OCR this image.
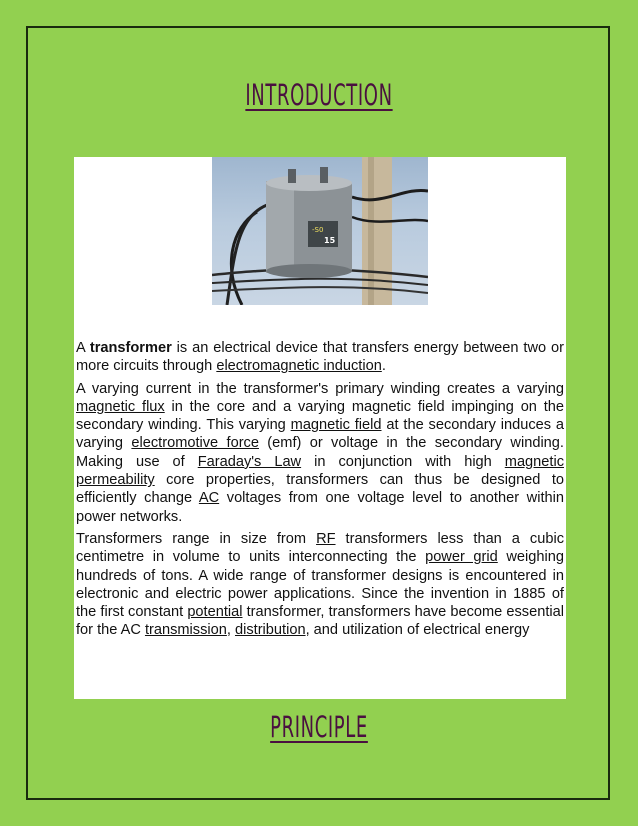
INTRODUCTION
-S0
15

A transformer is an electrical device that transfers energy between two or more circuits through electromagnetic induction.

A varying current in the transformer's primary winding creates a varying magnetic flux in the core and a varying magnetic field impinging on the secondary winding. This varying magnetic field at the secondary induces a varying electromotive force (emf) or voltage in the secondary winding. Making use of Faraday's Law in conjunction with high magnetic permeability core properties, transformers can thus be designed to efficiently change AC voltages from one voltage level to another within power networks.

Transformers range in size from RF transformers less than a cubic centimetre in volume to units interconnecting the power grid weighing hundreds of tons. A wide range of transformer designs is encountered in electronic and electric power applications. Since the invention in 1885 of the first constant potential transformer, transformers have become essential for the AC transmission, distribution, and utilization of electrical energy

PRINCIPLE
